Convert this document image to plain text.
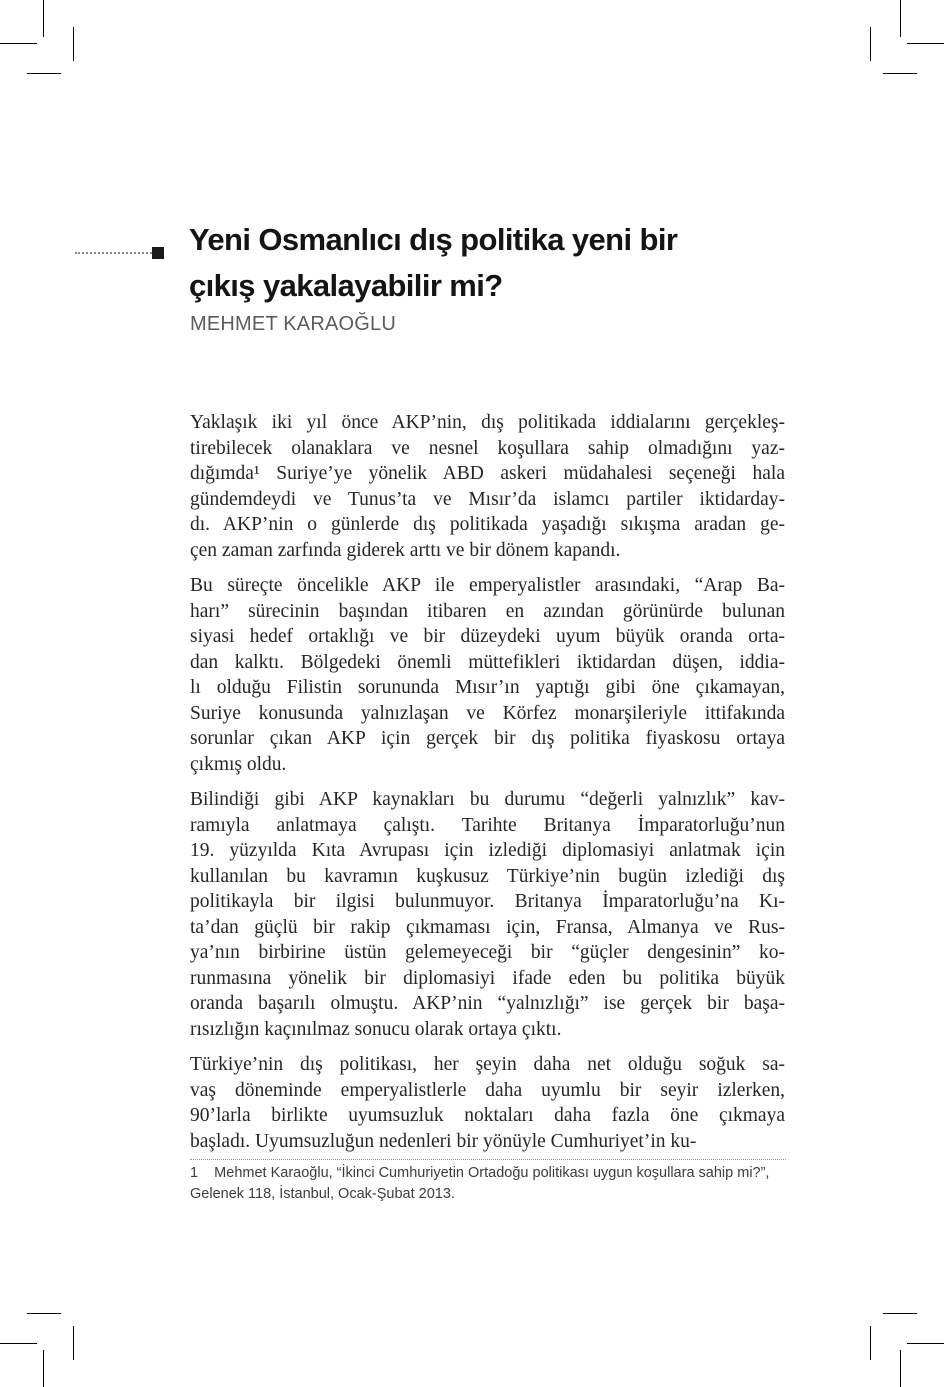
Yeni Osmanlıcı dış politika yeni bir
çıkış yakalayabilir mi?
MEHMET KARAOĞLU
Yaklaşık iki yıl önce AKP’nin, dış politikada iddialarını gerçekleş-
tirebilecek olanaklara ve nesnel koşullara sahip olmadığını yaz-
dığımda¹ Suriye’ye yönelik ABD askeri müdahalesi seçeneği hala
gündemdeydi ve Tunus’ta ve Mısır’da islamcı partiler iktidarday-
dı. AKP’nin o günlerde dış politikada yaşadığı sıkışma aradan ge-
çen zaman zarfında giderek arttı ve bir dönem kapandı.
Bu süreçte öncelikle AKP ile emperyalistler arasındaki, “Arap Ba-
harı” sürecinin başından itibaren en azından görünürde bulunan
siyasi hedef ortaklığı ve bir düzeydeki uyum büyük oranda orta-
dan kalktı. Bölgedeki önemli müttefikleri iktidardan düşen, iddia-
lı olduğu Filistin sorununda Mısır’ın yaptığı gibi öne çıkamayan,
Suriye konusunda yalnızlaşan ve Körfez monarşileriyle ittifakında
sorunlar çıkan AKP için gerçek bir dış politika fiyaskosu ortaya
çıkmış oldu.
Bilindiği gibi AKP kaynakları bu durumu “değerli yalnızlık” kav-
ramıyla anlatmaya çalıştı. Tarihte Britanya İmparatorluğu’nun
19. yüzyılda Kıta Avrupası için izlediği diplomasiyi anlatmak için
kullanılan bu kavramın kuşkusuz Türkiye’nin bugün izlediği dış
politikayla bir ilgisi bulunmuyor. Britanya İmparatorluğu’na Kı-
ta’dan güçlü bir rakip çıkmaması için, Fransa, Almanya ve Rus-
ya’nın birbirine üstün gelemeyeceği bir “güçler dengesinin” ko-
runmasına yönelik bir diplomasiyi ifade eden bu politika büyük
oranda başarılı olmuştu. AKP’nin “yalnızlığı” ise gerçek bir başa-
rısızlığın kaçınılmaz sonucu olarak ortaya çıktı.
Türkiye’nin dış politikası, her şeyin daha net olduğu soğuk sa-
vaş döneminde emperyalistlerle daha uyumlu bir seyir izlerken,
90’larla birlikte uyumsuzluk noktaları daha fazla öne çıkmaya
başladı. Uyumsuzluğun nedenleri bir yönüyle Cumhuriyet’in ku-
1    Mehmet Karaoğlu, “İkinci Cumhuriyetin Ortadoğu politikası uygun koşullara sahip mi?”,
Gelenek 118, İstanbul, Ocak-Şubat 2013.
